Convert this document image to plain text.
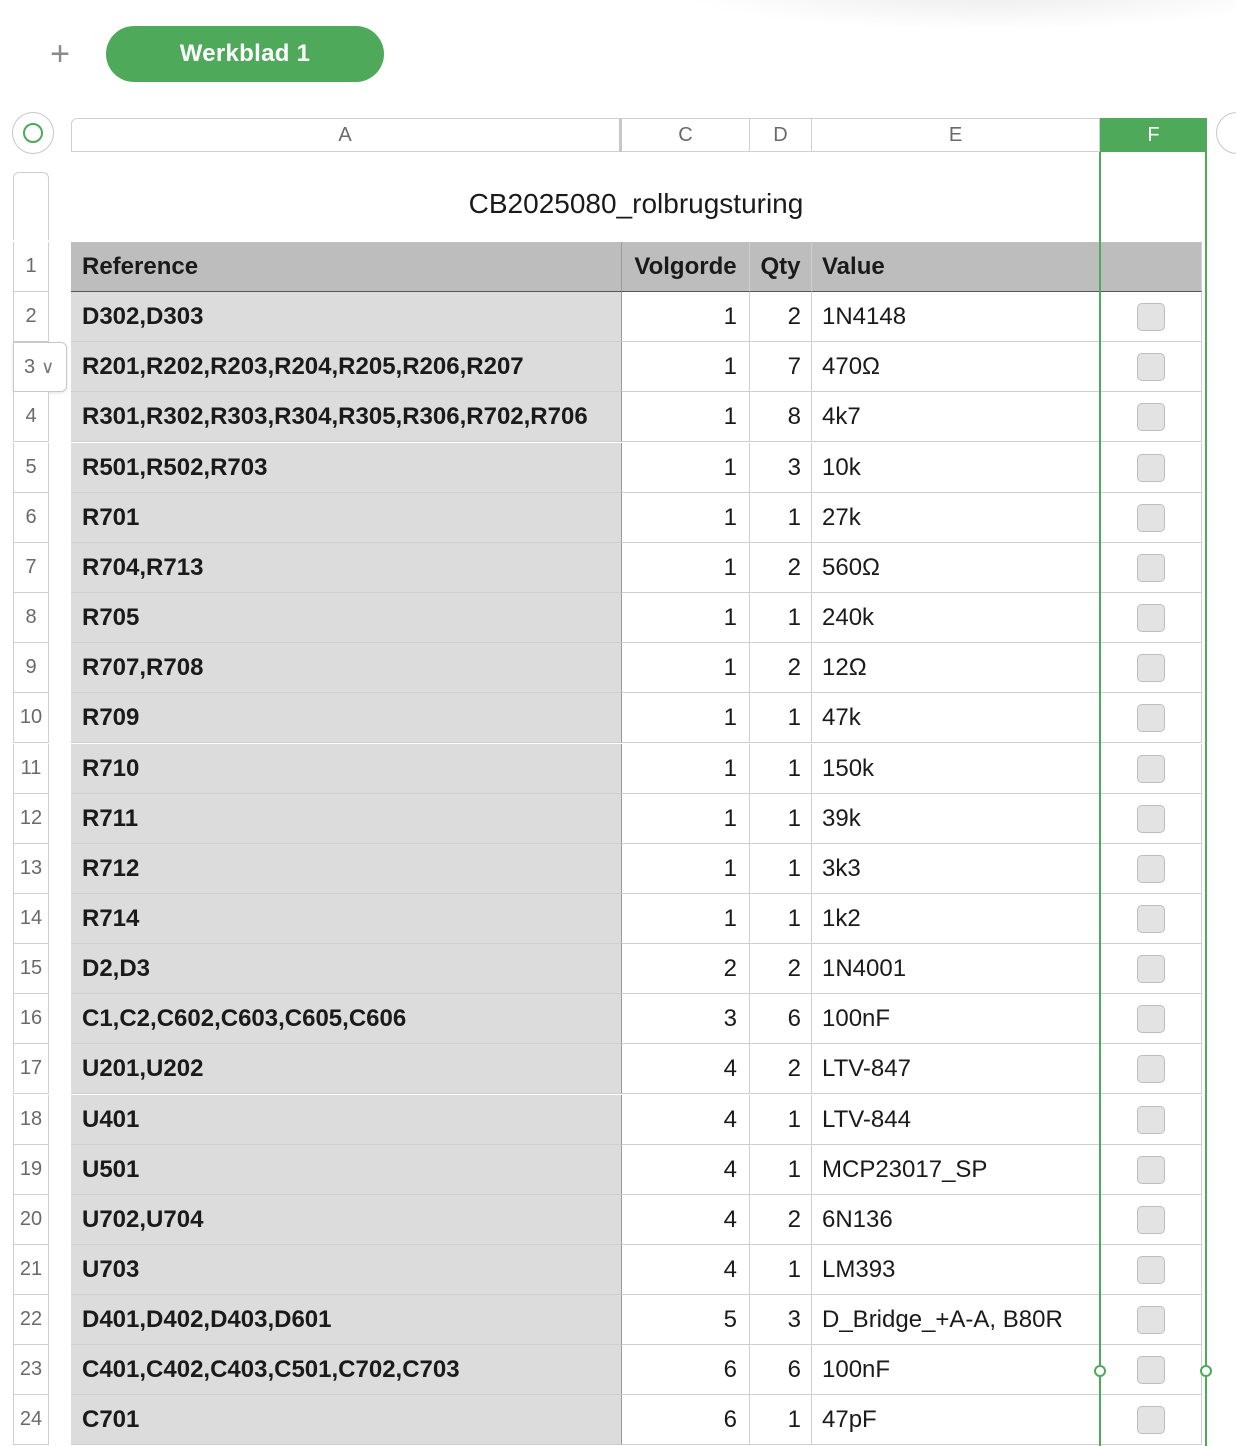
+	Werkblad 1
A	C	D	E	F
CB2025080_rolbrugsturing
Reference	Volgorde Qty Value
D302,D303	1	2 1N4148
R201,R202,R203,R204,R205,R206,R207	1	7 470Ω
R301,R302,R303,R304,R305,R306,R702,R706	1	8 4k7
R501,R502,R703	1	3 10k
R701	1	1 27k
R704,R713	1	2 560Ω
R705	1	1 240k
R707,R708	1	2 12Ω
R709	1	1 47k
R710	1	1 150k
R711	1	1 39k
R712	1	1 3k3
R714	1	1 1k2
D2,D3	2	2 1N4001
C1,C2,C602,C603,C605,C606	3	6 100nF
U201,U202	4	2 LTV-847
U401	4	1 LTV-844
U501	4	1 MCP23017_SP
U702,U704	4	2 6N136
U703	4	1 LM393
D401,D402,D403,D601	5	3 D_Bridge_+A-A, B80R
C401,C402,C403,C501,C702,C703	6	6 100nF
C701	6	1 47pF
1
2
3 ∨
4
5
6
7
8
9
10
11
12
13
14
15
16
17
18
19
20
21
22
23
24
